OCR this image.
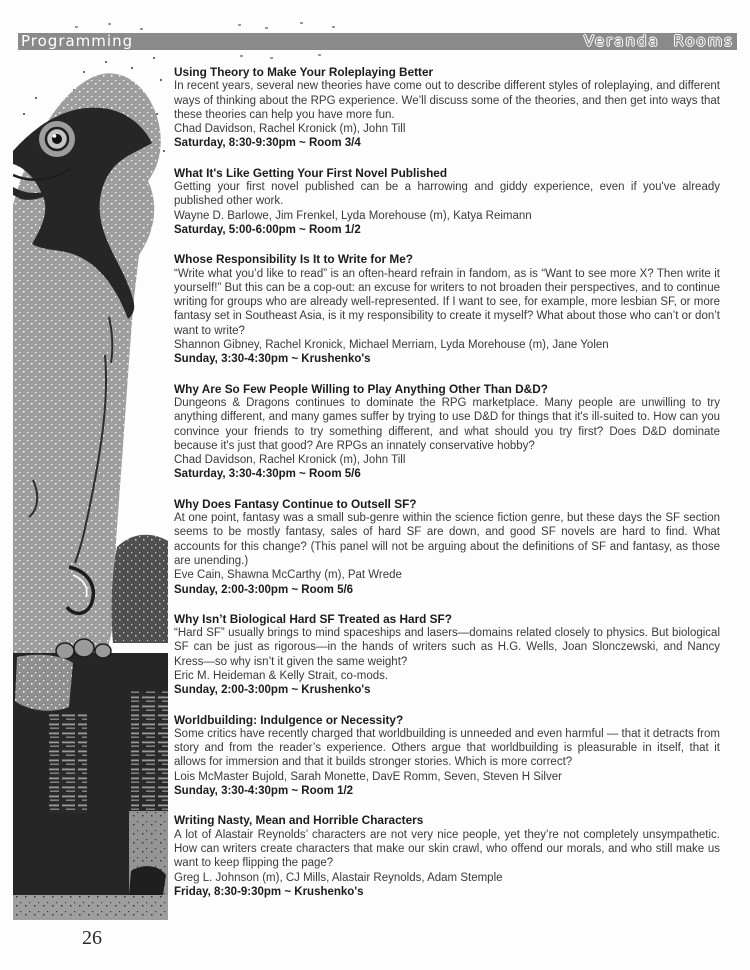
Programming	Veranda Rooms
Using Theory to Make Your Roleplaying Better

In recent years, several new theories have come out to describe different styles of roleplaying, and different ways of thinking about the RPG experience. We’ll discuss some of the theories, and then get into ways that these theories can help you have more fun.

Chad Davidson, Rachel Kronick (m), John Till

Saturday, 8:30-9:30pm ~ Room 3/4

What It's Like Getting Your First Novel Published

Getting your first novel published can be a harrowing and giddy experience, even if you've already published other work.

Wayne D. Barlowe, Jim Frenkel, Lyda Morehouse (m), Katya Reimann

Saturday, 5:00-6:00pm ~ Room 1/2

Whose Responsibility Is It to Write for Me?

“Write what you’d like to read” is an often-heard refrain in fandom, as is “Want to see more X? Then write it yourself!” But this can be a cop-out: an excuse for writers to not broaden their perspectives, and to continue writing for groups who are already well-represented. If I want to see, for example, more lesbian SF, or more fantasy set in Southeast Asia, is it my responsibility to create it myself? What about those who can’t or don’t want to write?

Shannon Gibney, Rachel Kronick, Michael Merriam, Lyda Morehouse (m), Jane Yolen

Sunday, 3:30-4:30pm ~ Krushenko's

Why Are So Few People Willing to Play Anything Other Than D&D?

Dungeons & Dragons continues to dominate the RPG marketplace. Many people are unwilling to try anything different, and many games suffer by trying to use D&D for things that it's ill-suited to. How can you convince your friends to try something different, and what should you try first? Does D&D dominate because it's just that good? Are RPGs an innately conservative hobby?

Chad Davidson, Rachel Kronick (m), John Till

Saturday, 3:30-4:30pm ~ Room 5/6

Why Does Fantasy Continue to Outsell SF?

At one point, fantasy was a small sub-genre within the science fiction genre, but these days the SF section seems to be mostly fantasy, sales of hard SF are down, and good SF novels are hard to find. What accounts for this change? (This panel will not be arguing about the definitions of SF and fantasy, as those are unending.)

Eve Cain, Shawna McCarthy (m), Pat Wrede

Sunday, 2:00-3:00pm ~ Room 5/6

Why Isn’t Biological Hard SF Treated as Hard SF?

“Hard SF” usually brings to mind spaceships and lasers—domains related closely to physics. But biological SF can be just as rigorous—in the hands of writers such as H.G. Wells, Joan Slonczewski, and Nancy Kress—so why isn’t it given the same weight?

Eric M. Heideman & Kelly Strait, co-mods.

Sunday, 2:00-3:00pm ~ Krushenko's

Worldbuilding: Indulgence or Necessity?

Some critics have recently charged that worldbuilding is unneeded and even harmful — that it detracts from story and from the reader’s experience. Others argue that worldbuilding is pleasurable in itself, that it allows for immersion and that it builds stronger stories. Which is more correct?

Lois McMaster Bujold, Sarah Monette, DavE Romm, Seven, Steven H Silver

Sunday, 3:30-4:30pm ~ Room 1/2

Writing Nasty, Mean and Horrible Characters

A lot of Alastair Reynolds’ characters are not very nice people, yet they’re not completely unsympathetic. How can writers create characters that make our skin crawl, who offend our morals, and who still make us want to keep flipping the page?

Greg L. Johnson (m), CJ Mills, Alastair Reynolds, Adam Stemple

Friday, 8:30-9:30pm ~ Krushenko's

26
